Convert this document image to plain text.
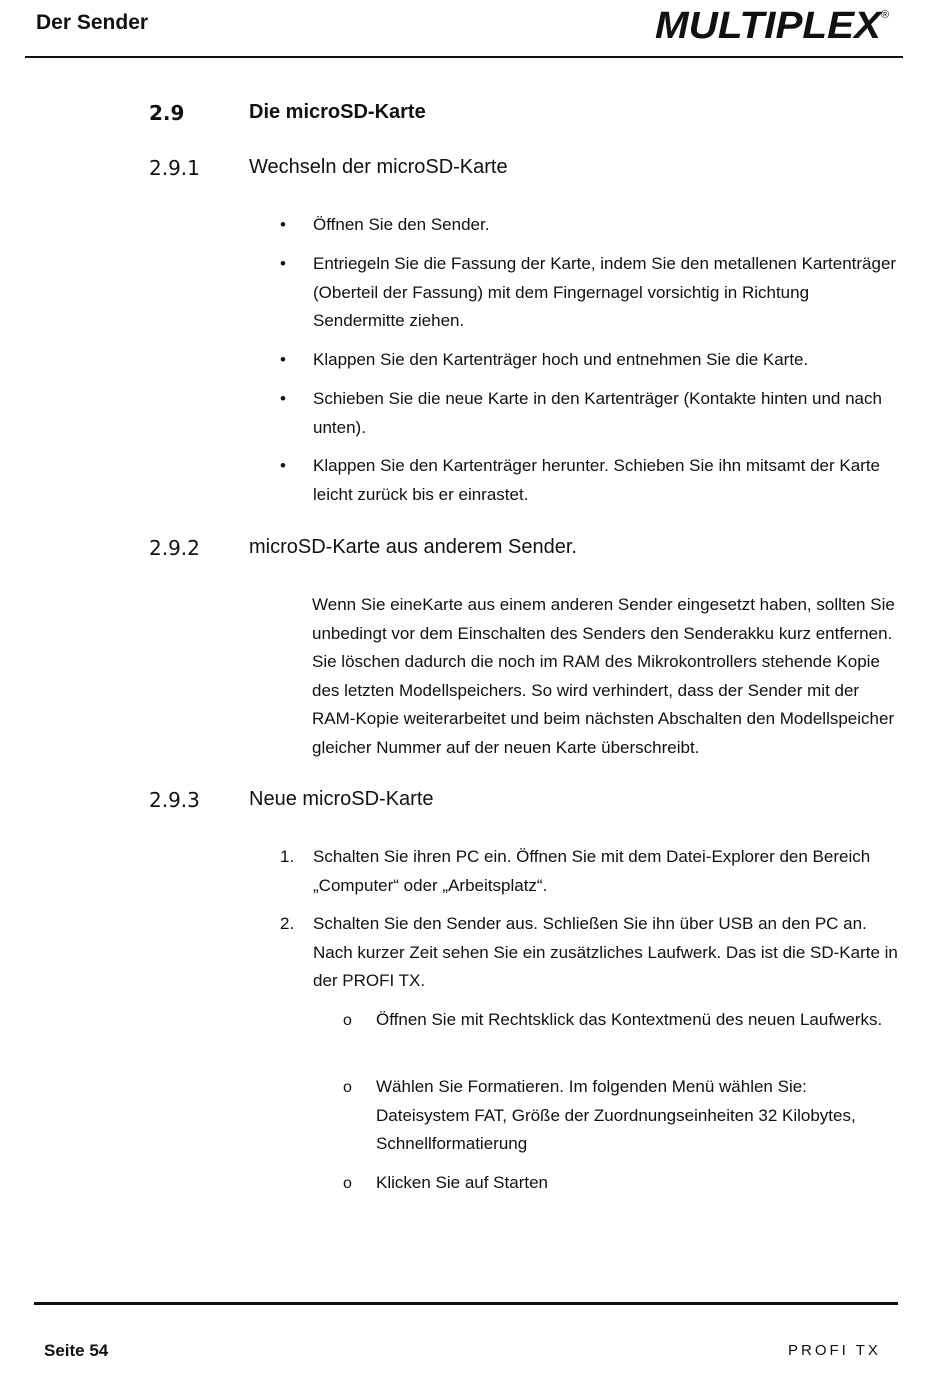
Der Sender	MULTIPLEX
®
2.9	Die microSD-Karte
2.9.1 Wechseln der microSD-Karte
• Öffnen Sie den Sender.
• Entriegeln Sie die Fassung der Karte, indem Sie den metallenen Kartenträger (Oberteil der Fassung) mit dem Fingernagel vorsichtig in Richtung Sendermitte ziehen.
• Klappen Sie den Kartenträger hoch und entnehmen Sie die Karte.
• Schieben Sie die neue Karte in den Kartenträger (Kontakte hinten und nach unten).
• Klappen Sie den Kartenträger herunter. Schieben Sie ihn mitsamt der Karte leicht zurück bis er einrastet.
2.9.2 microSD-Karte aus anderem Sender.
Wenn Sie eineKarte aus einem anderen Sender eingesetzt haben, sollten Sie unbedingt vor dem Einschalten des Senders den Senderakku kurz entfernen. Sie löschen dadurch die noch im RAM des Mikrokontrollers stehende Kopie des letzten Modellspeichers. So wird verhindert, dass der Sender mit der RAM-Kopie weiterarbeitet und beim nächsten Abschalten den Modellspeicher gleicher Nummer auf der neuen Karte überschreibt.
2.9.3 Neue microSD-Karte
1. Schalten Sie ihren PC ein. Öffnen Sie mit dem Datei-Explorer den Bereich „Computer“ oder „Arbeitsplatz“.
2. Schalten Sie den Sender aus. Schließen Sie ihn über USB an den PC an. Nach kurzer Zeit sehen Sie ein zusätzliches Laufwerk. Das ist die SD-Karte in der PROFI TX.
o Öffnen Sie mit Rechtsklick das Kontextmenü des neuen Laufwerks.
o Wählen Sie Formatieren. Im folgenden Menü wählen Sie: Dateisystem FAT, Größe der Zuordnungseinheiten 32 Kilobytes, Schnellformatierung
o Klicken Sie auf Starten
Seite 54	PROFI TX
